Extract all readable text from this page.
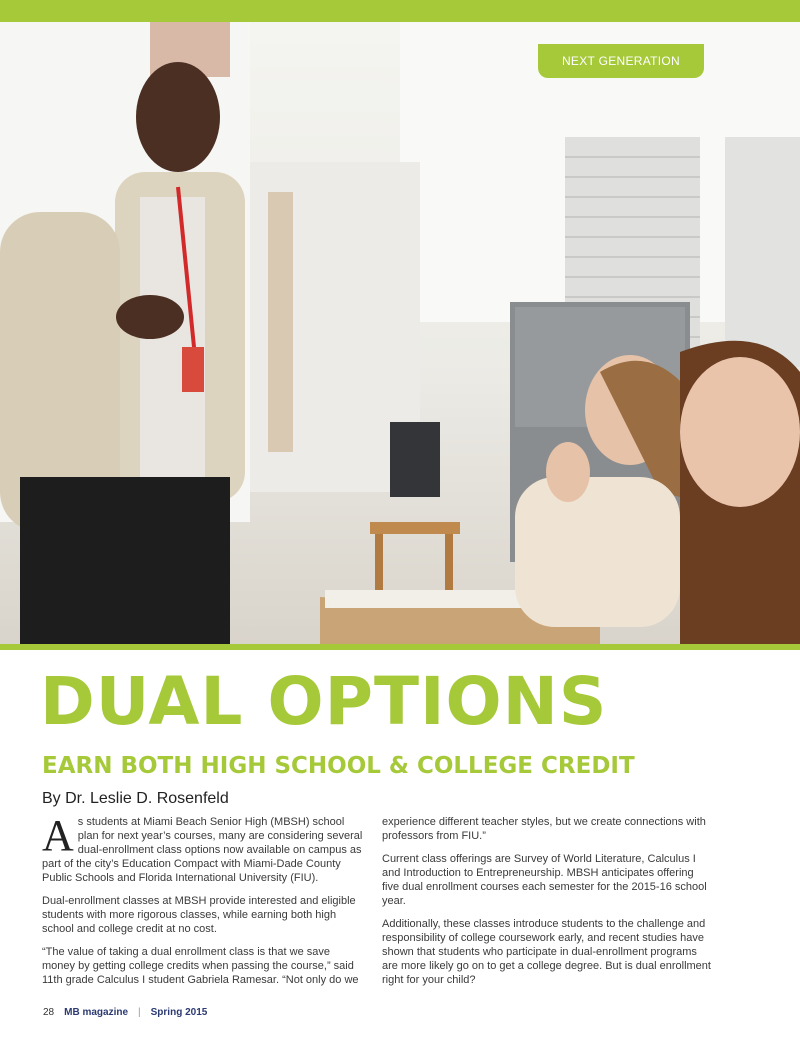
NEXT GENERATION
DUAL OPTIONS
EARN BOTH HIGH SCHOOL & COLLEGE CREDIT
By Dr. Leslie D. Rosenfeld

As students at Miami Beach Senior High (MBSH) school plan for next year’s courses, many are considering several dual-enrollment class options now available on campus as part of the city’s Education Compact with Miami-Dade County Public Schools and Florida International University (FIU).

Dual-enrollment classes at MBSH provide interested and eligible students with more rigorous classes, while earning both high school and college credit at no cost.

“The value of taking a dual enrollment class is that we save money by getting college credits when passing the course,” said 11th grade Calculus I student Gabriela Ramesar. “Not only do we

experience different teacher styles, but we create connections with professors from FIU.”

Current class offerings are Survey of World Literature, Calculus I and Introduction to Entrepreneurship. MBSH anticipates offering five dual enrollment courses each semester for the 2015-16 school year.

Additionally, these classes introduce students to the challenge and responsibility of college coursework early, and recent studies have shown that students who participate in dual-enrollment programs are more likely go on to get a college degree. But is dual enrollment right for your child?

28 MB magazine | Spring 2015
